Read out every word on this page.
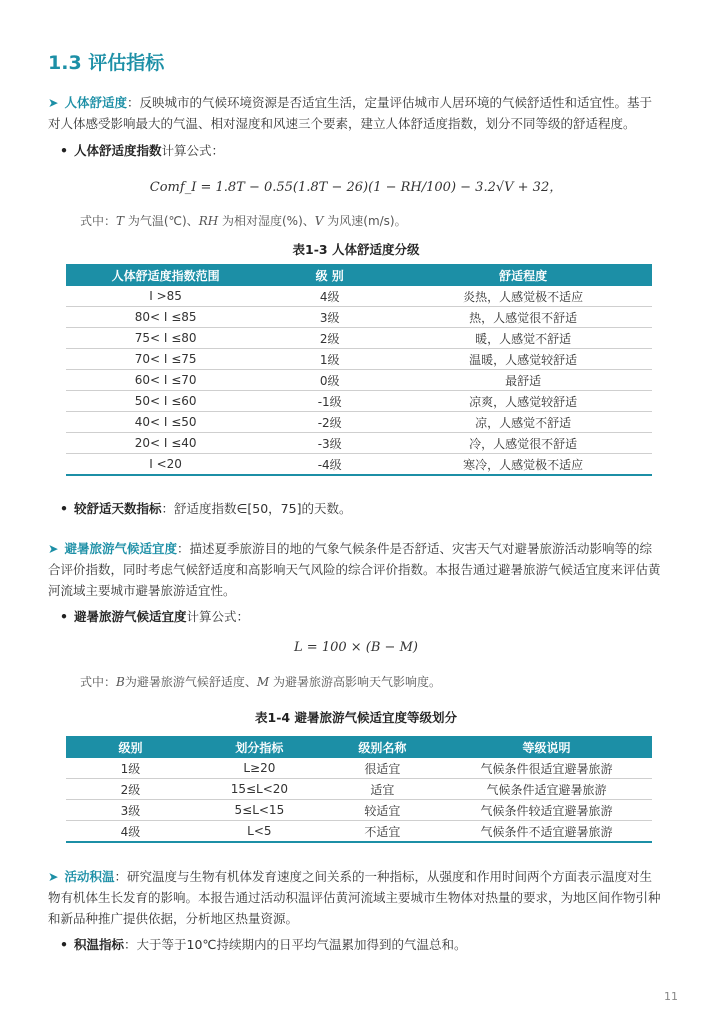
1.3 评估指标
➤ 人体舒适度：反映城市的气候环境资源是否适宜生活，定量评估城市人居环境的气候舒适性和适宜性。基于对人体感受影响最大的气温、相对湿度和风速三个要素，建立人体舒适度指数，划分不同等级的舒适程度。
• 人体舒适度指数计算公式：
Comf_I = 1.8T − 0.55(1.8T − 26)(1 − RH/100) − 3.2√V + 32，
式中：T 为气温(℃)、RH 为相对湿度(%)、V 为风速(m/s)。
表1-3 人体舒适度分级
人体舒适度指数范围	级 别	舒适程度
I >85	4级	炎热，人感觉极不适应
80< I ≤85	3级	热，人感觉很不舒适
75< I ≤80	2级	暖，人感觉不舒适
70< I ≤75	1级	温暖，人感觉较舒适
60< I ≤70	0级	最舒适
50< I ≤60	-1级	凉爽，人感觉较舒适
40< I ≤50	-2级	凉，人感觉不舒适
20< I ≤40	-3级	冷，人感觉很不舒适
I <20	-4级	寒冷，人感觉极不适应
• 较舒适天数指标：舒适度指数∈[50，75]的天数。
➤ 避暑旅游气候适宜度：描述夏季旅游目的地的气象气候条件是否舒适、灾害天气对避暑旅游活动影响等的综合评价指数，同时考虑气候舒适度和高影响天气风险的综合评价指数。本报告通过避暑旅游气候适宜度来评估黄河流域主要城市避暑旅游适宜性。
• 避暑旅游气候适宜度计算公式：
L = 100 × (B − M)
式中：B为避暑旅游气候舒适度、M 为避暑旅游高影响天气影响度。
表1-4 避暑旅游气候适宜度等级划分
级别	划分指标	级别名称	等级说明
1级	L≥20	很适宜	气候条件很适宜避暑旅游
2级	15≤L<20	适宜	气候条件适宜避暑旅游
3级	5≤L<15	较适宜	气候条件较适宜避暑旅游
4级	L<5	不适宜	气候条件不适宜避暑旅游
➤ 活动积温：研究温度与生物有机体发育速度之间关系的一种指标，从强度和作用时间两个方面表示温度对生物有机体生长发育的影响。本报告通过活动积温评估黄河流域主要城市生物体对热量的要求，为地区间作物引种和新品种推广提供依据，分析地区热量资源。
• 积温指标：大于等于10℃持续期内的日平均气温累加得到的气温总和。
11
